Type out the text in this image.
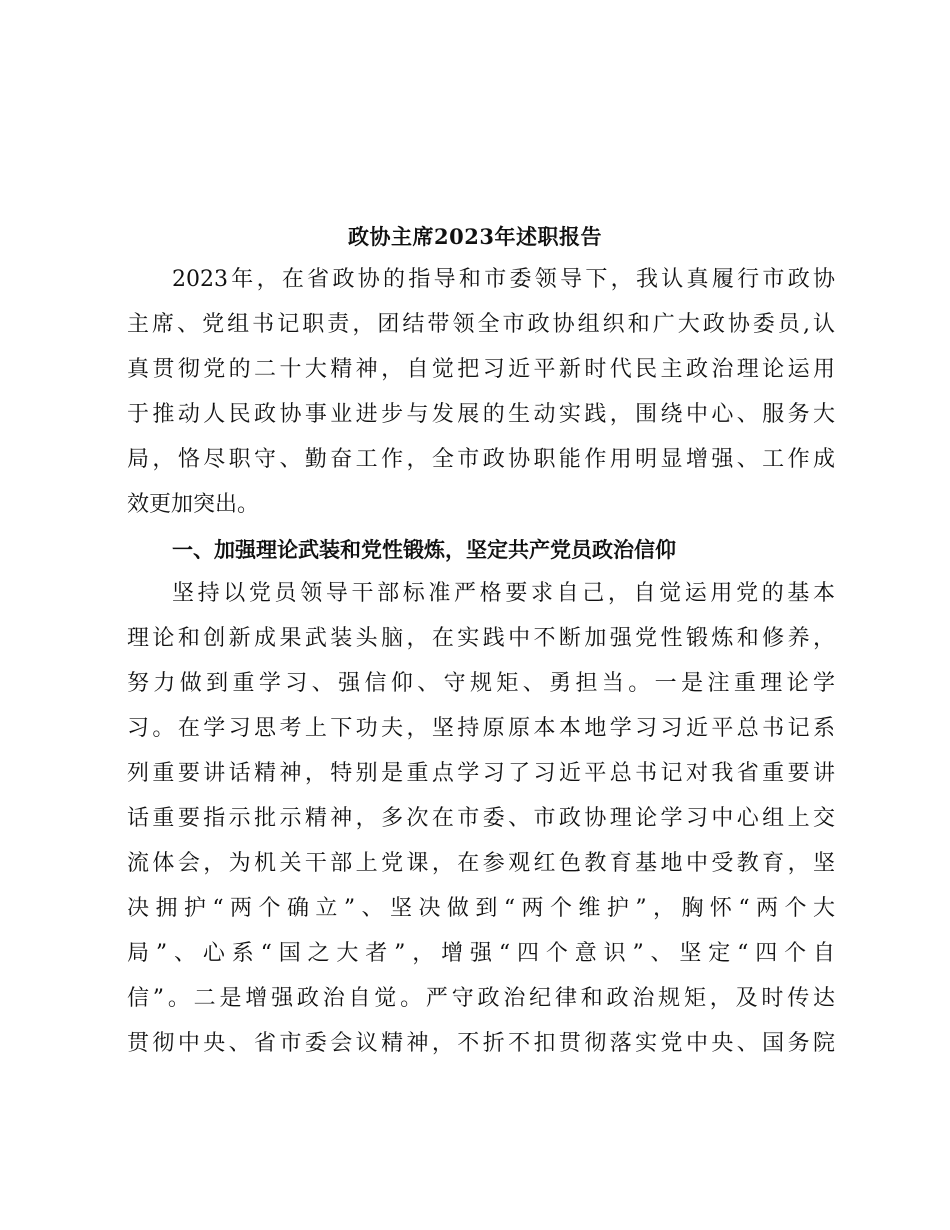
政协主席2023年述职报告
2023年，在省政协的指导和市委领导下，我认真履行市政协
主席、党组书记职责，团结带领全市政协组织和广大政协委员,认
真贯彻党的二十大精神，自觉把习近平新时代民主政治理论运用
于推动人民政协事业进步与发展的生动实践，围绕中心、服务大
局，恪尽职守、勤奋工作，全市政协职能作用明显增强、工作成
效更加突出。
一、加强理论武装和党性锻炼，坚定共产党员政治信仰
坚持以党员领导干部标准严格要求自己，自觉运用党的基本
理论和创新成果武装头脑，在实践中不断加强党性锻炼和修养，
努力做到重学习、强信仰、守规矩、勇担当。一是注重理论学
习。在学习思考上下功夫，坚持原原本本地学习习近平总书记系
列重要讲话精神，特别是重点学习了习近平总书记对我省重要讲
话重要指示批示精神，多次在市委、市政协理论学习中心组上交
流体会，为机关干部上党课，在参观红色教育基地中受教育，坚
决拥护“两个确立”、坚决做到“两个维护”，胸怀“两个大
局”、心系“国之大者”，增强“四个意识”、坚定“四个自
信”。二是增强政治自觉。严守政治纪律和政治规矩，及时传达
贯彻中央、省市委会议精神，不折不扣贯彻落实党中央、国务院
